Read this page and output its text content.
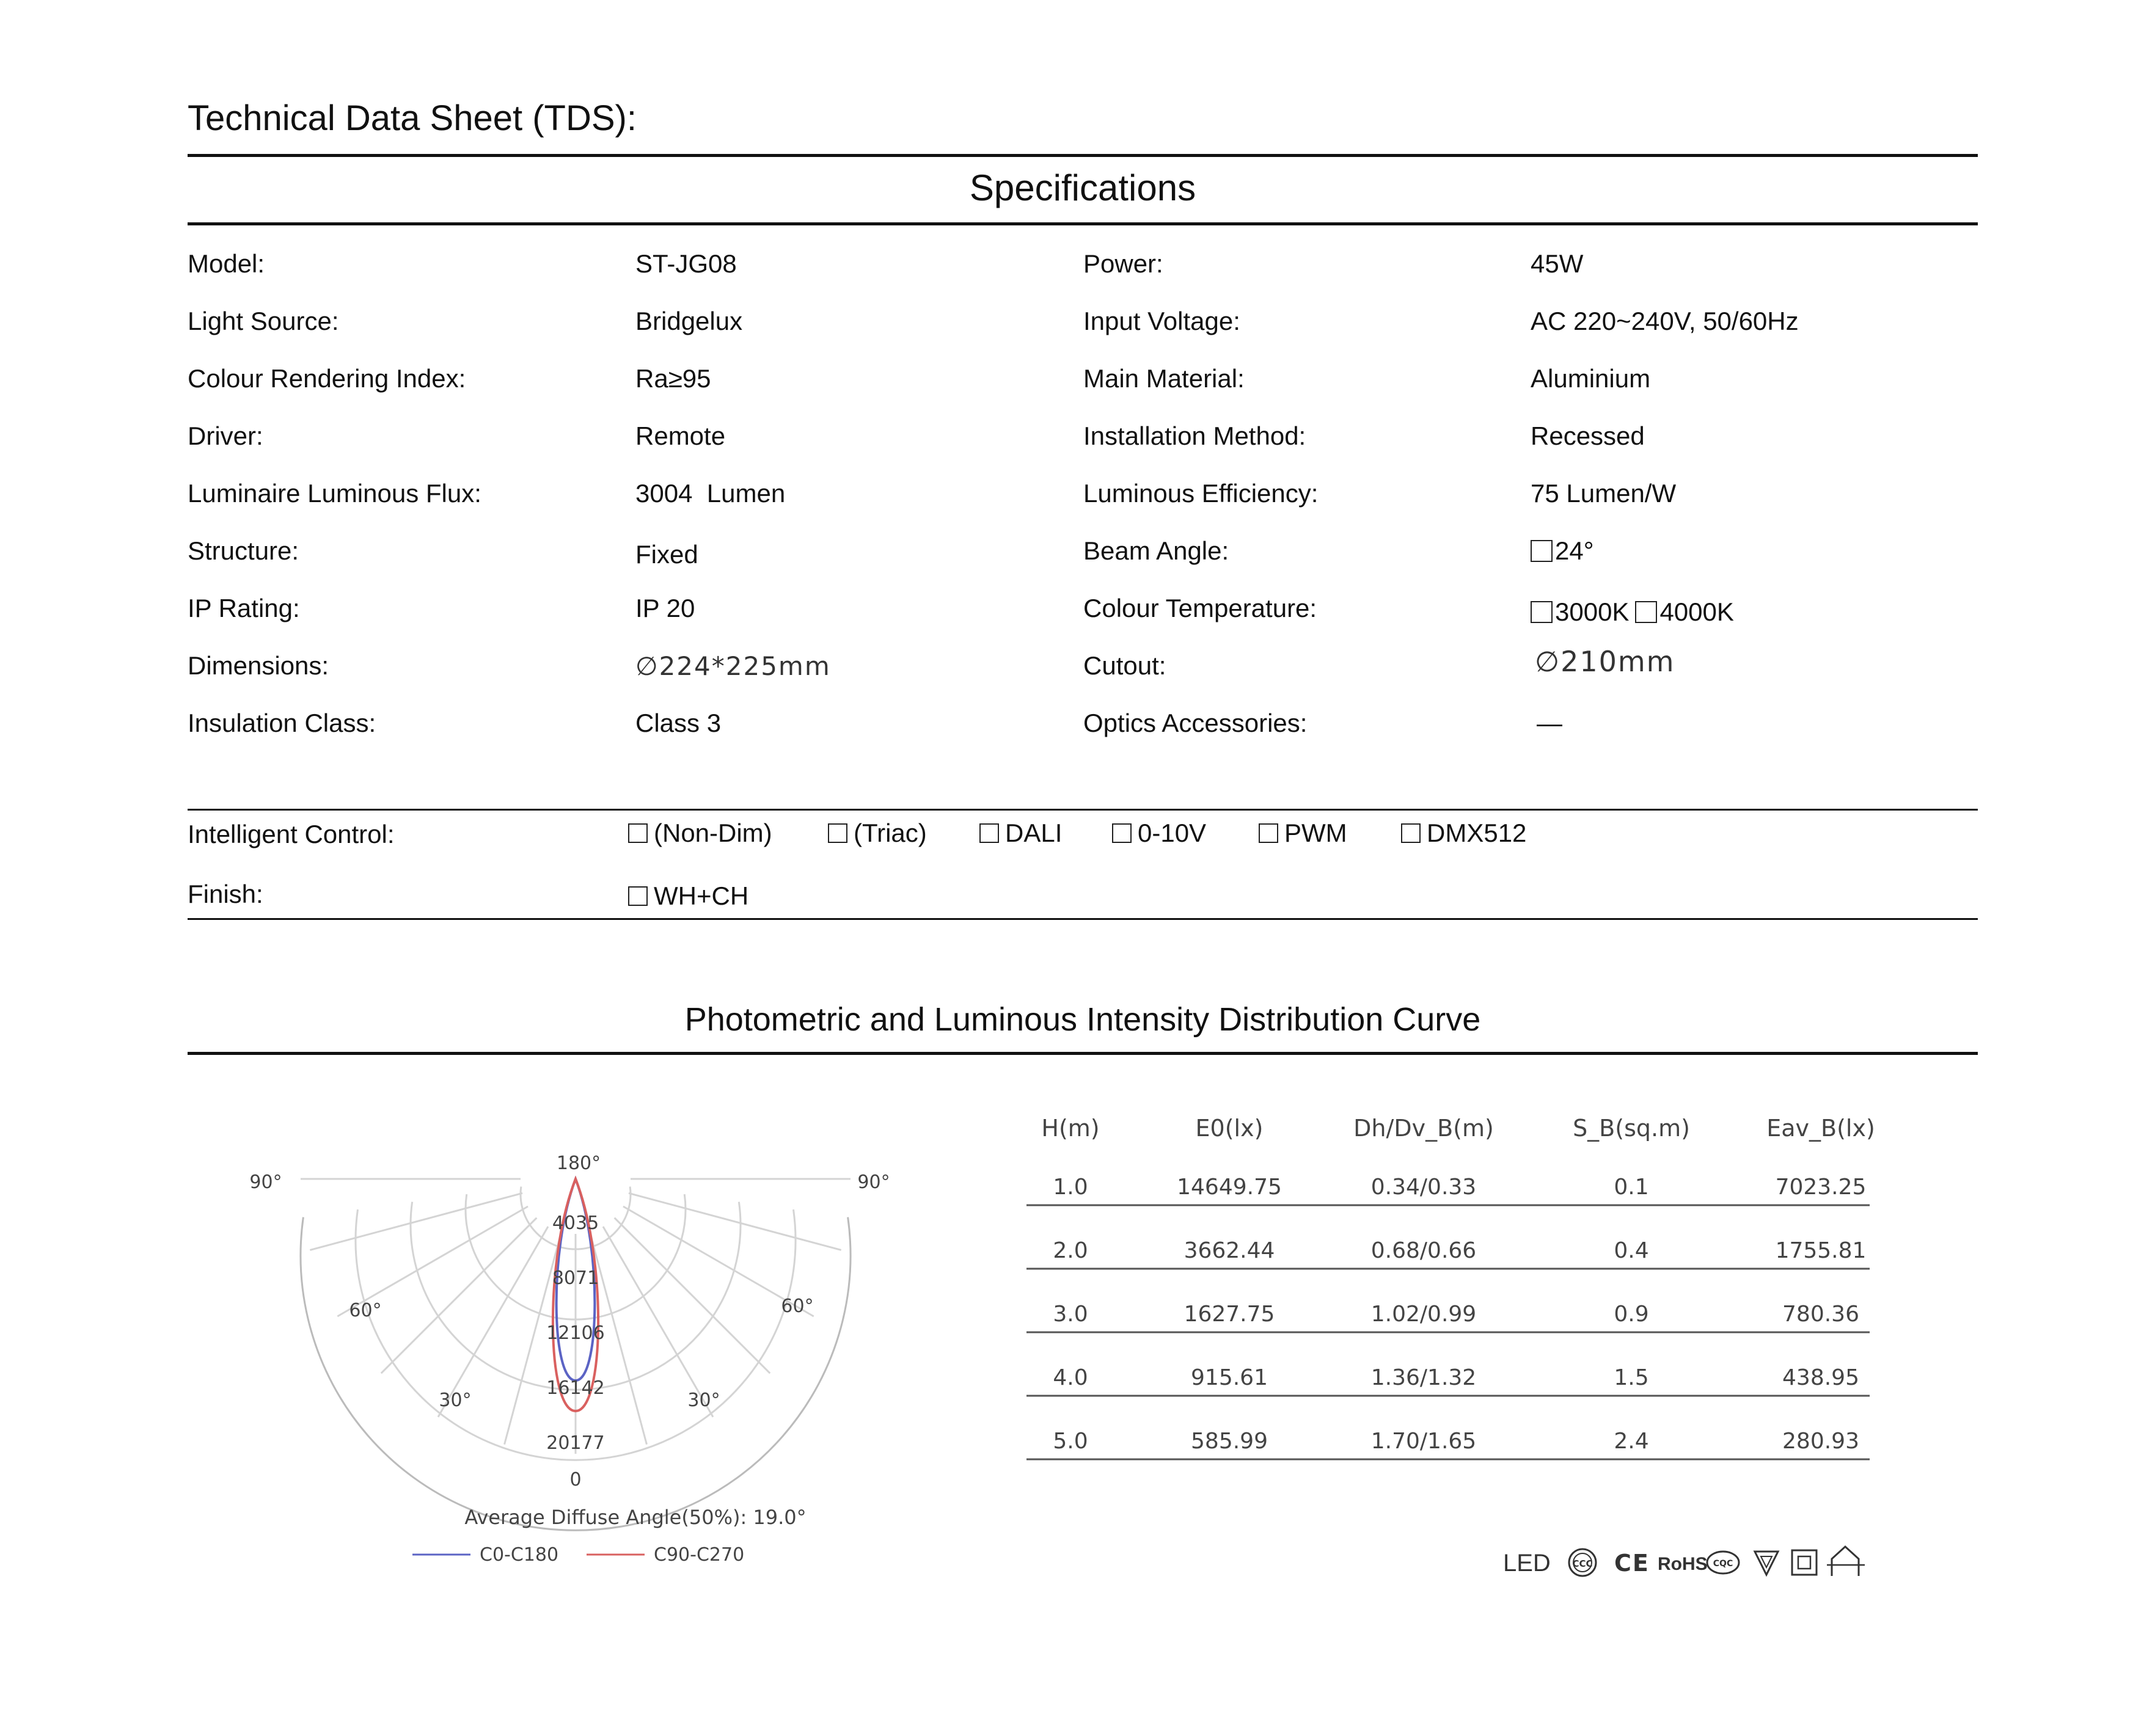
Technical Data Sheet (TDS):
Specifications
Model:	ST-JG08	Power:	45W
Light Source:	Bridgelux	Input Voltage:	AC 220~240V, 50/60Hz
Colour Rendering Index:	Ra≥95	Main Material:	Aluminium
Driver:	Remote	Installation Method:	Recessed
Luminaire Luminous Flux:	3004  Lumen	Luminous Efficiency:	75 Lumen/W
Structure:	Fixed	Beam Angle:	24°
IP Rating:	IP 20	Colour Temperature:	3000K 4000K
Dimensions:	∅224*225mm	Cutout:	∅210mm
Insulation Class:	Class 3	Optics Accessories:	—
Intelligent Control:	(Non-Dim)	(Triac)	DALI	0-10V	PWM	DMX512
Finish:	WH+CH
Photometric and Luminous Intensity Distribution Curve
180°
90°	90°
60°	60°
30°	30°
0
4035
8071
12106
16142
20177
Average Diffuse Angle(50%): 19.0°
C0-C180	C90-C270
H(m)	E0(lx)	Dh/Dv_B(m)	S_B(sq.m)	Eav_B(lx)
1.0	14649.75	0.34/0.33	0.1	7023.25
2.0	3662.44	0.68/0.66	0.4	1755.81
3.0	1627.75	1.02/0.99	0.9	780.36
4.0	915.61	1.36/1.32	1.5	438.95
5.0	585.99	1.70/1.65	2.4	280.93
LED CCC CE RoHS CQC
